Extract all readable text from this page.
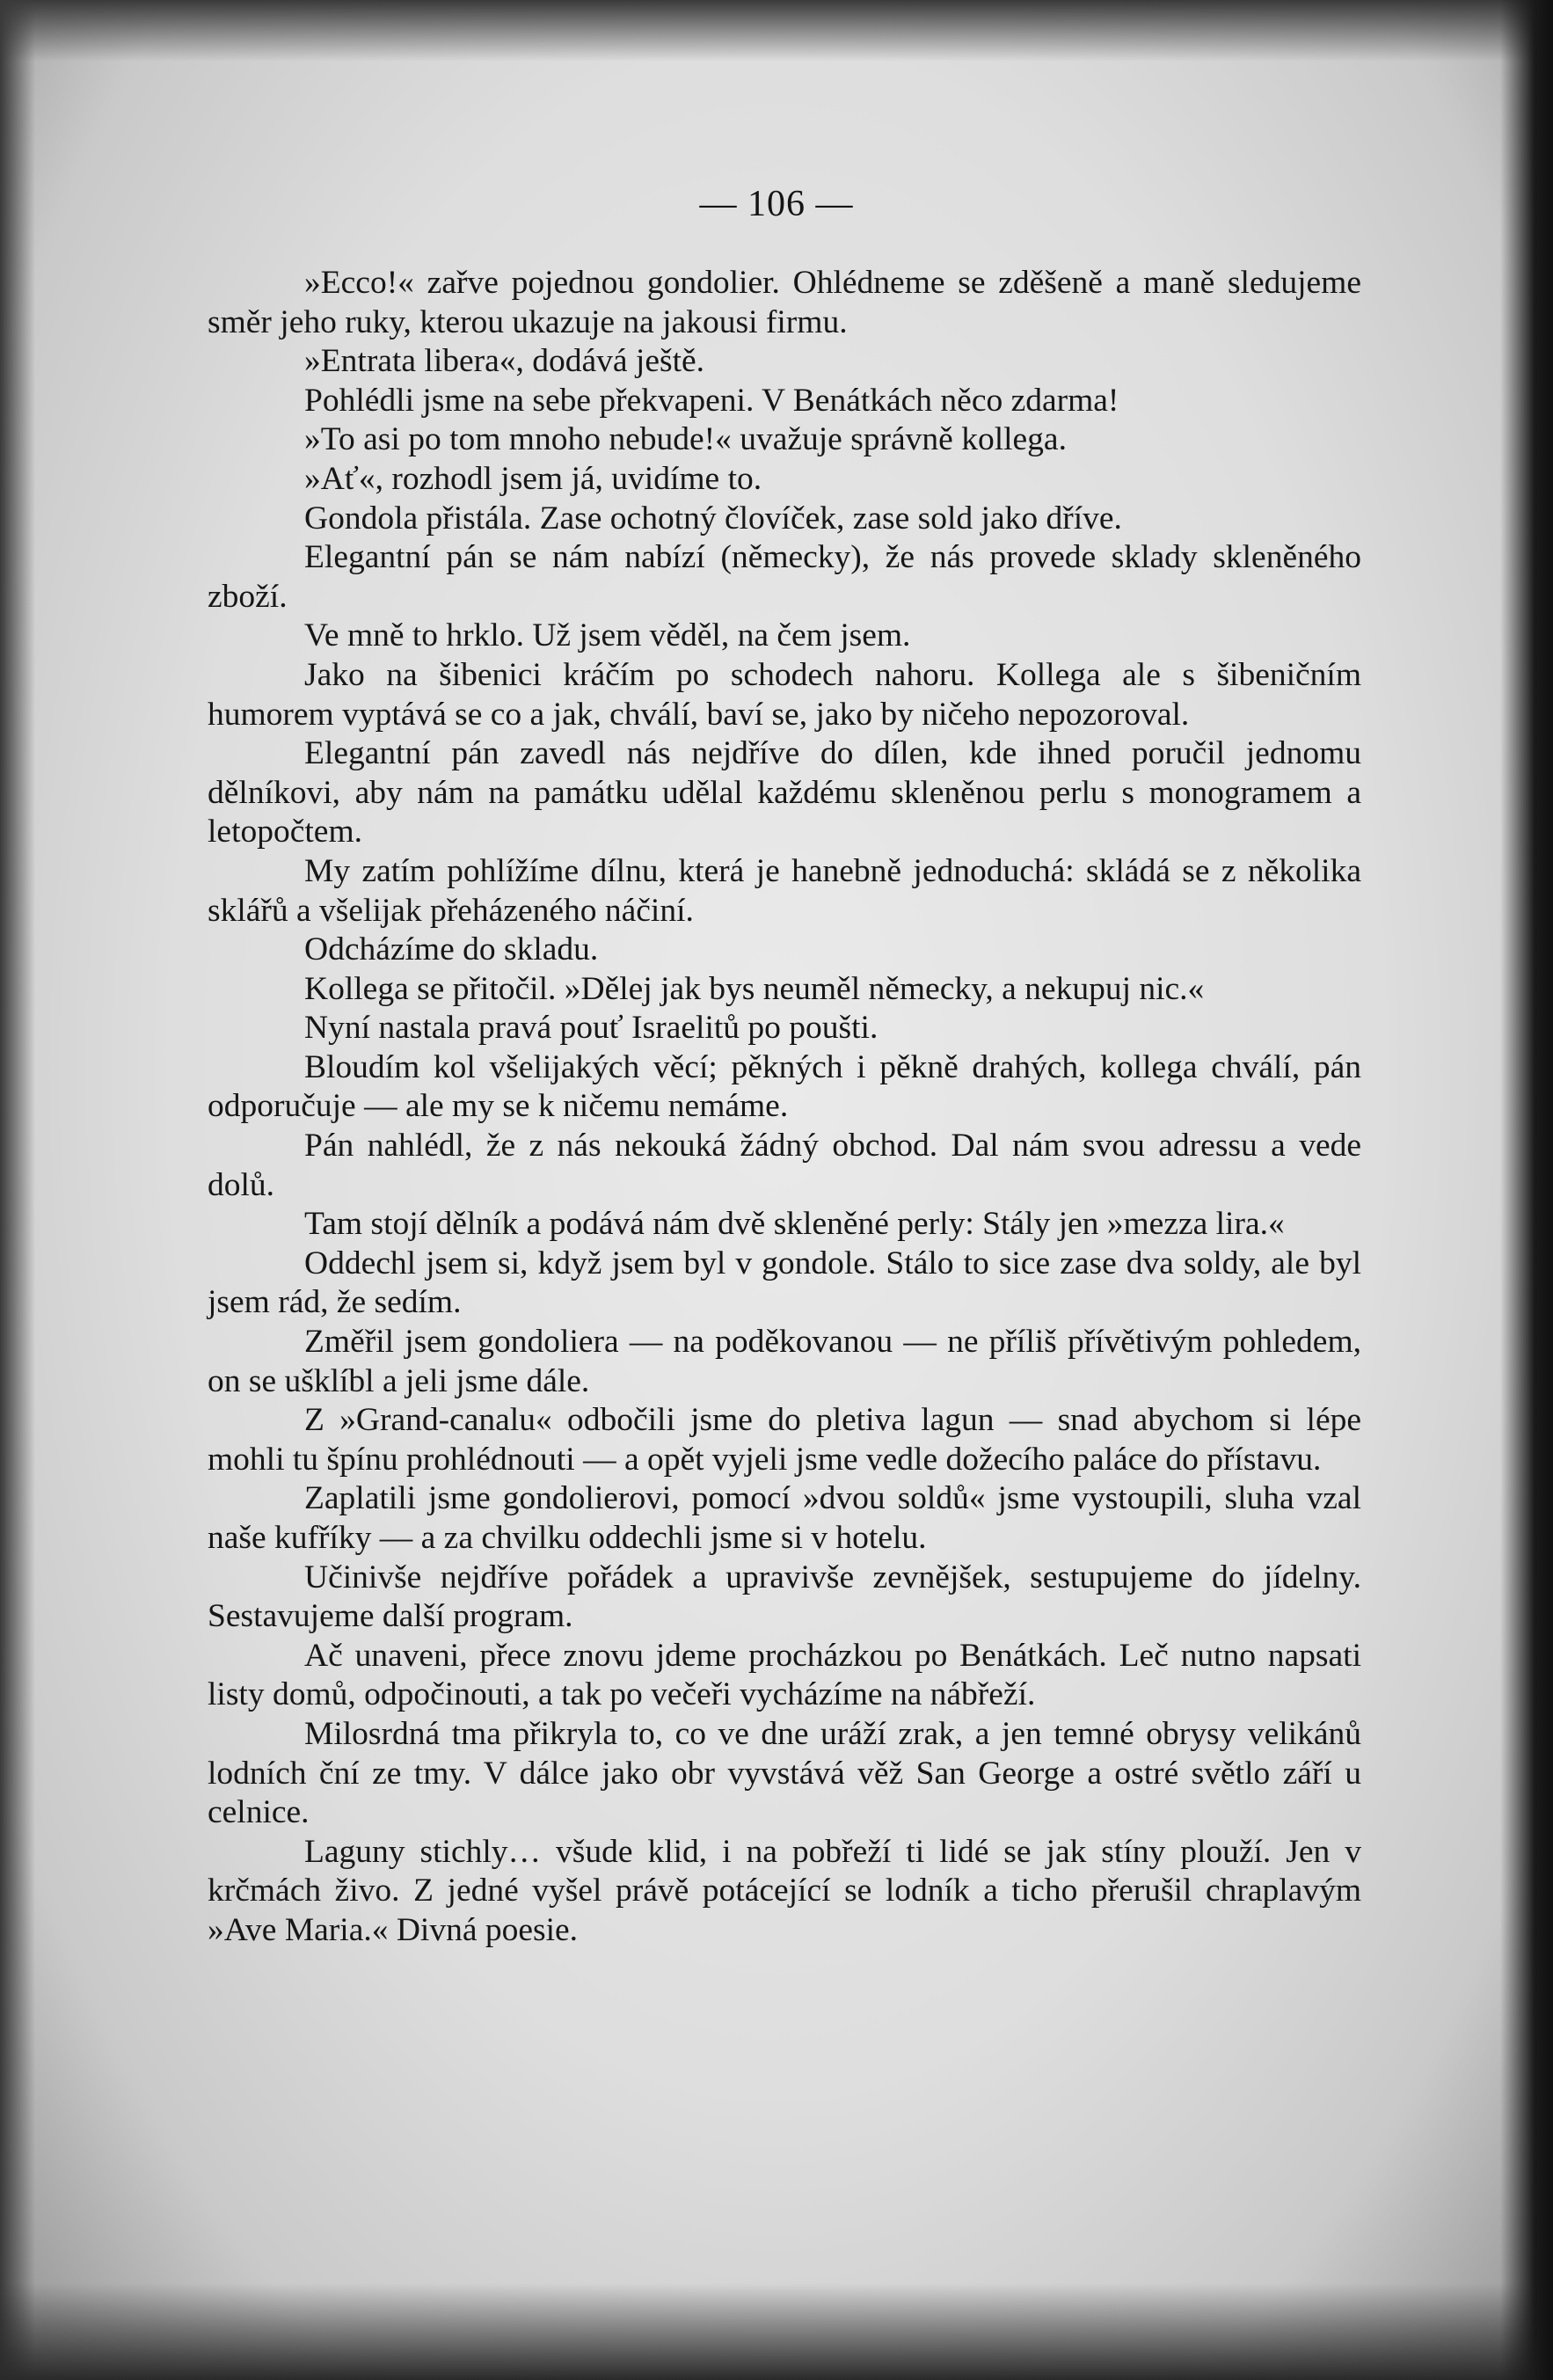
— 106 —

»Ecco!« zařve pojednou gondolier. Ohlédneme se zděšeně a maně sledujeme směr jeho ruky, kterou ukazuje na jakousi firmu.

»Entrata libera«, dodává ještě.

Pohlédli jsme na sebe překvapeni. V Benátkách něco zdarma!

»To asi po tom mnoho nebude!« uvažuje správně kollega.

»Ať«, rozhodl jsem já, uvidíme to.

Gondola přistála. Zase ochotný človíček, zase sold jako dříve.

Elegantní pán se nám nabízí (německy), že nás provede sklady skleněného zboží.

Ve mně to hrklo. Už jsem věděl, na čem jsem.

Jako na šibenici kráčím po schodech nahoru. Kollega ale s šibeničním humorem vyptává se co a jak, chválí, baví se, jako by ničeho nepozoroval.

Elegantní pán zavedl nás nejdříve do dílen, kde ihned poručil jednomu dělníkovi, aby nám na památku udělal každému skleněnou perlu s monogramem a letopočtem.

My zatím pohlížíme dílnu, která je hanebně jednoduchá: skládá se z několika sklářů a všelijak přeházeného náčiní.

Odcházíme do skladu.

Kollega se přitočil. »Dělej jak bys neuměl německy, a nekupuj nic.«

Nyní nastala pravá pouť Israelitů po poušti.

Bloudím kol všelijakých věcí; pěkných i pěkně drahých, kollega chválí, pán odporučuje — ale my se k ničemu nemáme.

Pán nahlédl, že z nás nekouká žádný obchod. Dal nám svou adressu a vede dolů.

Tam stojí dělník a podává nám dvě skleněné perly: Stály jen »mezza lira.«

Oddechl jsem si, když jsem byl v gondole. Stálo to sice zase dva soldy, ale byl jsem rád, že sedím.

Změřil jsem gondoliera — na poděkovanou — ne příliš přívětivým pohledem, on se ušklíbl a jeli jsme dále.

Z »Grand-canalu« odbočili jsme do pletiva lagun — snad abychom si lépe mohli tu špínu prohlédnouti — a opět vyjeli jsme vedle dožecího paláce do přístavu.

Zaplatili jsme gondolierovi, pomocí »dvou soldů« jsme vystoupili, sluha vzal naše kufříky — a za chvilku oddechli jsme si v hotelu.

Učinivše nejdříve pořádek a upravivše zevnějšek, sestupujeme do jídelny. Sestavujeme další program.

Ač unaveni, přece znovu jdeme procházkou po Benátkách. Leč nutno napsati listy domů, odpočinouti, a tak po večeři vycházíme na nábřeží.

Milosrdná tma přikryla to, co ve dne uráží zrak, a jen temné obrysy velikánů lodních ční ze tmy. V dálce jako obr vyvstává věž San George a ostré světlo září u celnice.

Laguny stichly… všude klid, i na pobřeží ti lidé se jak stíny plouží. Jen v krčmách živo. Z jedné vyšel právě potácející se lodník a ticho přerušil chraplavým »Ave Maria.« Divná poesie.
